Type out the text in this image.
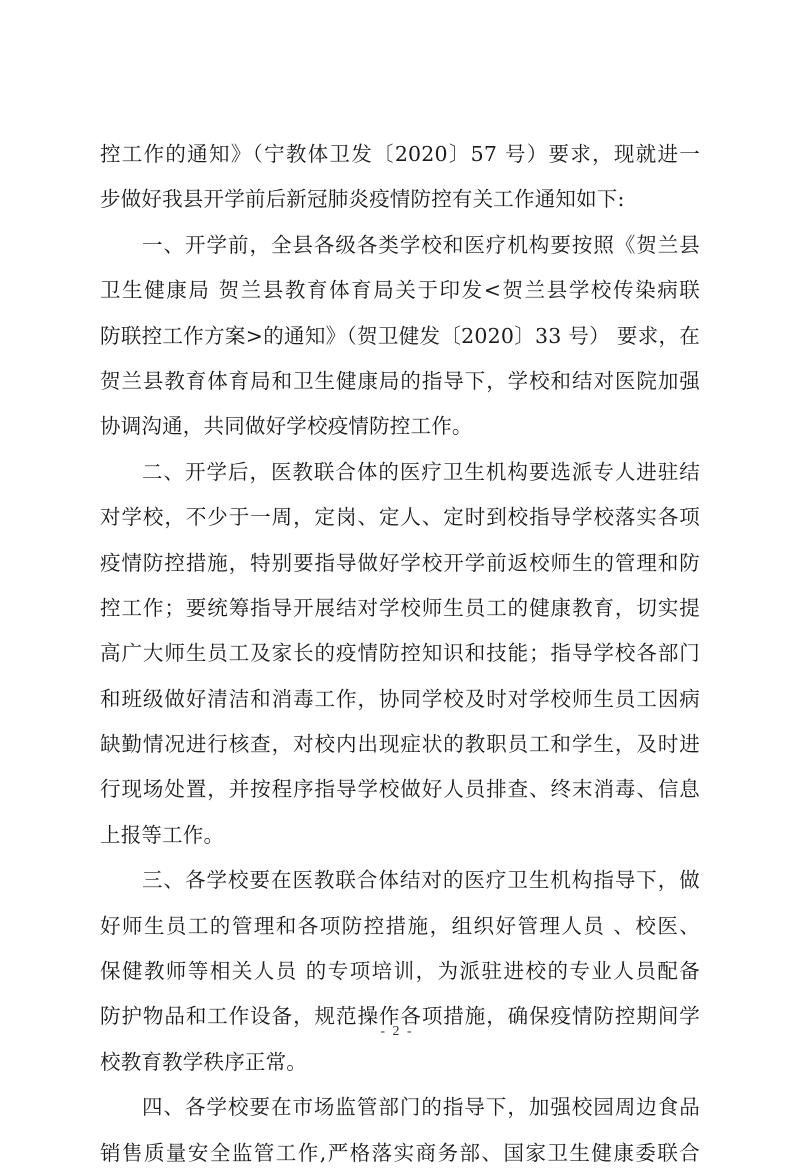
控工作的通知》（宁教体卫发〔2020〕57 号）要求，现就进一
步做好我县开学前后新冠肺炎疫情防控有关工作通知如下:
一、开学前，全县各级各类学校和医疗机构要按照《贺兰县
卫生健康局 贺兰县教育体育局关于印发<贺兰县学校传染病联
防联控工作方案>的通知》（贺卫健发〔2020〕33 号） 要求，在
贺兰县教育体育局和卫生健康局的指导下，学校和结对医院加强
协调沟通，共同做好学校疫情防控工作。
二、开学后，医教联合体的医疗卫生机构要选派专人进驻结
对学校，不少于一周，定岗、定人、定时到校指导学校落实各项
疫情防控措施，特别要指导做好学校开学前返校师生的管理和防
控工作；要统筹指导开展结对学校师生员工的健康教育，切实提
高广大师生员工及家长的疫情防控知识和技能；指导学校各部门
和班级做好清洁和消毒工作，协同学校及时对学校师生员工因病
缺勤情况进行核查，对校内出现症状的教职员工和学生，及时进
行现场处置，并按程序指导学校做好人员排查、终末消毒、信息
上报等工作。
三、各学校要在医教联合体结对的医疗卫生机构指导下，做
好师生员工的管理和各项防控措施，组织好管理人员 、校医、
保健教师等相关人员 的专项培训，为派驻进校的专业人员配备
防护物品和工作设备，规范操作各项措施，确保疫情防控期间学
校教育教学秩序正常。
四、各学校要在市场监管部门的指导下，加强校园周边食品
销售质量安全监管工作,严格落实商务部、国家卫生健康委联合
- 2 -
